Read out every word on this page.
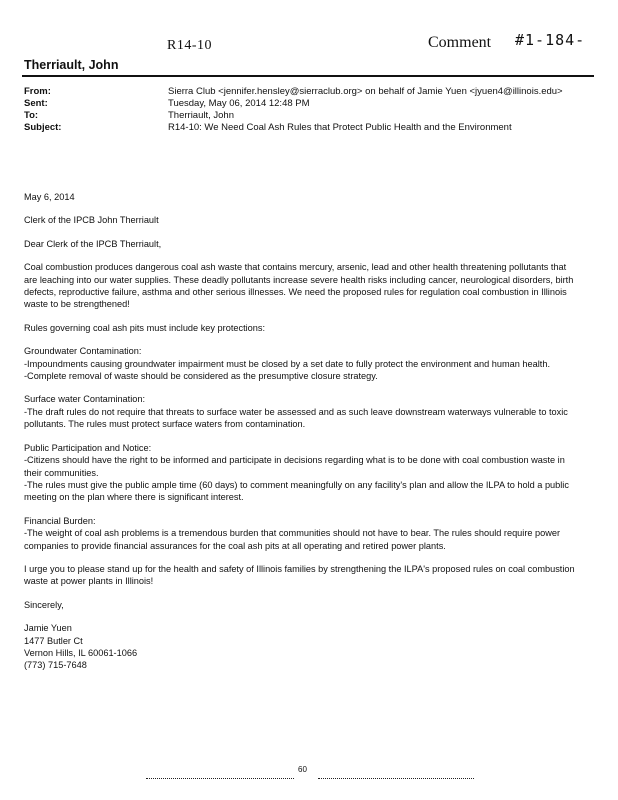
R14-10	Comment #1-184-
Therriault, John
From:	Sierra Club <jennifer.hensley@sierraclub.org> on behalf of Jamie Yuen <jyuen4@illinois.edu>
Sent:	Tuesday, May 06, 2014 12:48 PM
To:	Therriault, John
Subject:	R14-10: We Need Coal Ash Rules that Protect Public Health and the Environment

May 6, 2014

Clerk of the IPCB John Therriault

Dear Clerk of the IPCB Therriault,

Coal combustion produces dangerous coal ash waste that contains mercury, arsenic, lead and other health threatening pollutants that are leaching into our water supplies. These deadly pollutants increase severe health risks including cancer, neurological disorders, birth defects, reproductive failure, asthma and other serious illnesses. We need the proposed rules for regulation coal combustion in Illinois waste to be strengthened!

Rules governing coal ash pits must include key protections:

Groundwater Contamination:
-Impoundments causing groundwater impairment must be closed by a set date to fully protect the environment and human health.
-Complete removal of waste should be considered as the presumptive closure strategy.
Surface water Contamination:
-The draft rules do not require that threats to surface water be assessed and as such leave downstream waterways vulnerable to toxic pollutants. The rules must protect surface waters from contamination.
Public Participation and Notice:
-Citizens should have the right to be informed and participate in decisions regarding what is to be done with coal combustion waste in their communities.
-The rules must give the public ample time (60 days) to comment meaningfully on any facility's plan and allow the ILPA to hold a public meeting on the plan where there is significant interest.
Financial Burden:
-The weight of coal ash problems is a tremendous burden that communities should not have to bear. The rules should require power companies to provide financial assurances for the coal ash pits at all operating and retired power plants.

I urge you to please stand up for the health and safety of Illinois families by strengthening the ILPA's proposed rules on coal combustion waste at power plants in Illinois!

Sincerely,
Jamie Yuen
1477 Butler Ct
Vernon Hills, IL 60061-1066
(773) 715-7648
60
